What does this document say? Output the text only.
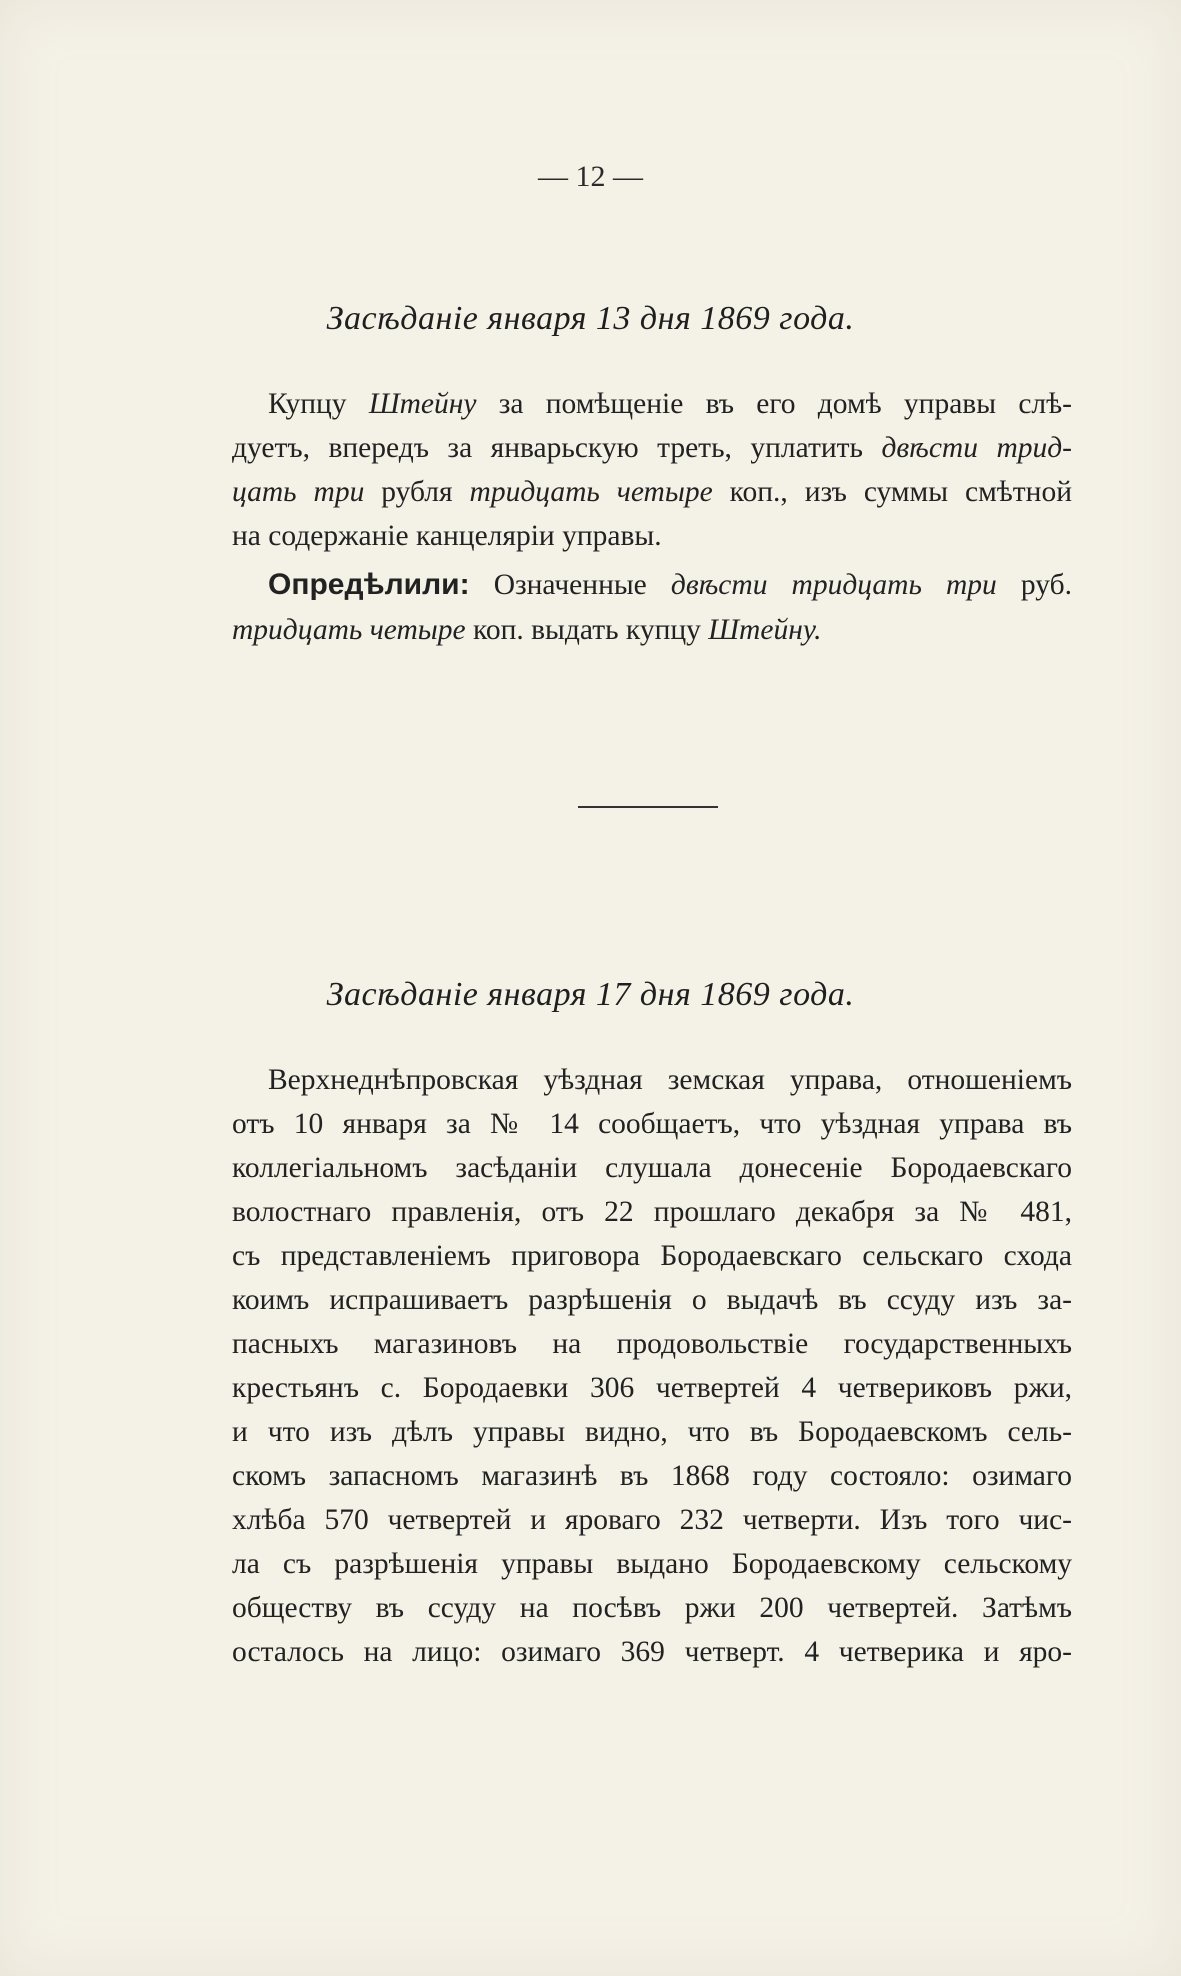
— 12 —
Засѣданіе января 13 дня 1869 года.
Купцу Штейну за помѣщеніе въ его домѣ управы слѣ-
дуетъ, впередъ за январьскую треть, уплатить двѣсти трид-
цать три рубля тридцать четыре коп., изъ суммы смѣтной
на содержаніе канцеляріи управы.
Опредѣлили: Означенные двѣсти тридцать три руб.
тридцать четыре коп. выдать купцу Штейну.
Засѣданіе января 17 дня 1869 года.
Верхнеднѣпровская уѣздная земская управа, отношеніемъ
отъ 10 января за № 14 сообщаетъ, что уѣздная управа въ
коллегіальномъ засѣданіи слушала донесеніе Бородаевскаго
волостнаго правленія, отъ 22 прошлаго декабря за № 481,
съ представленіемъ приговора Бородаевскаго сельскаго схода
коимъ испрашиваетъ разрѣшенія о выдачѣ въ ссуду изъ за-
пасныхъ магазиновъ на продовольствіе государственныхъ
крестьянъ с. Бородаевки 306 четвертей 4 четвериковъ ржи,
и что изъ дѣлъ управы видно, что въ Бородаевскомъ сель-
скомъ запасномъ магазинѣ въ 1868 году состояло: озимаго
хлѣба 570 четвертей и яроваго 232 четверти. Изъ того чис-
ла съ разрѣшенія управы выдано Бородаевскому сельскому
обществу въ ссуду на посѣвъ ржи 200 четвертей. Затѣмъ
осталось на лицо: озимаго 369 четверт. 4 четверика и яро-
